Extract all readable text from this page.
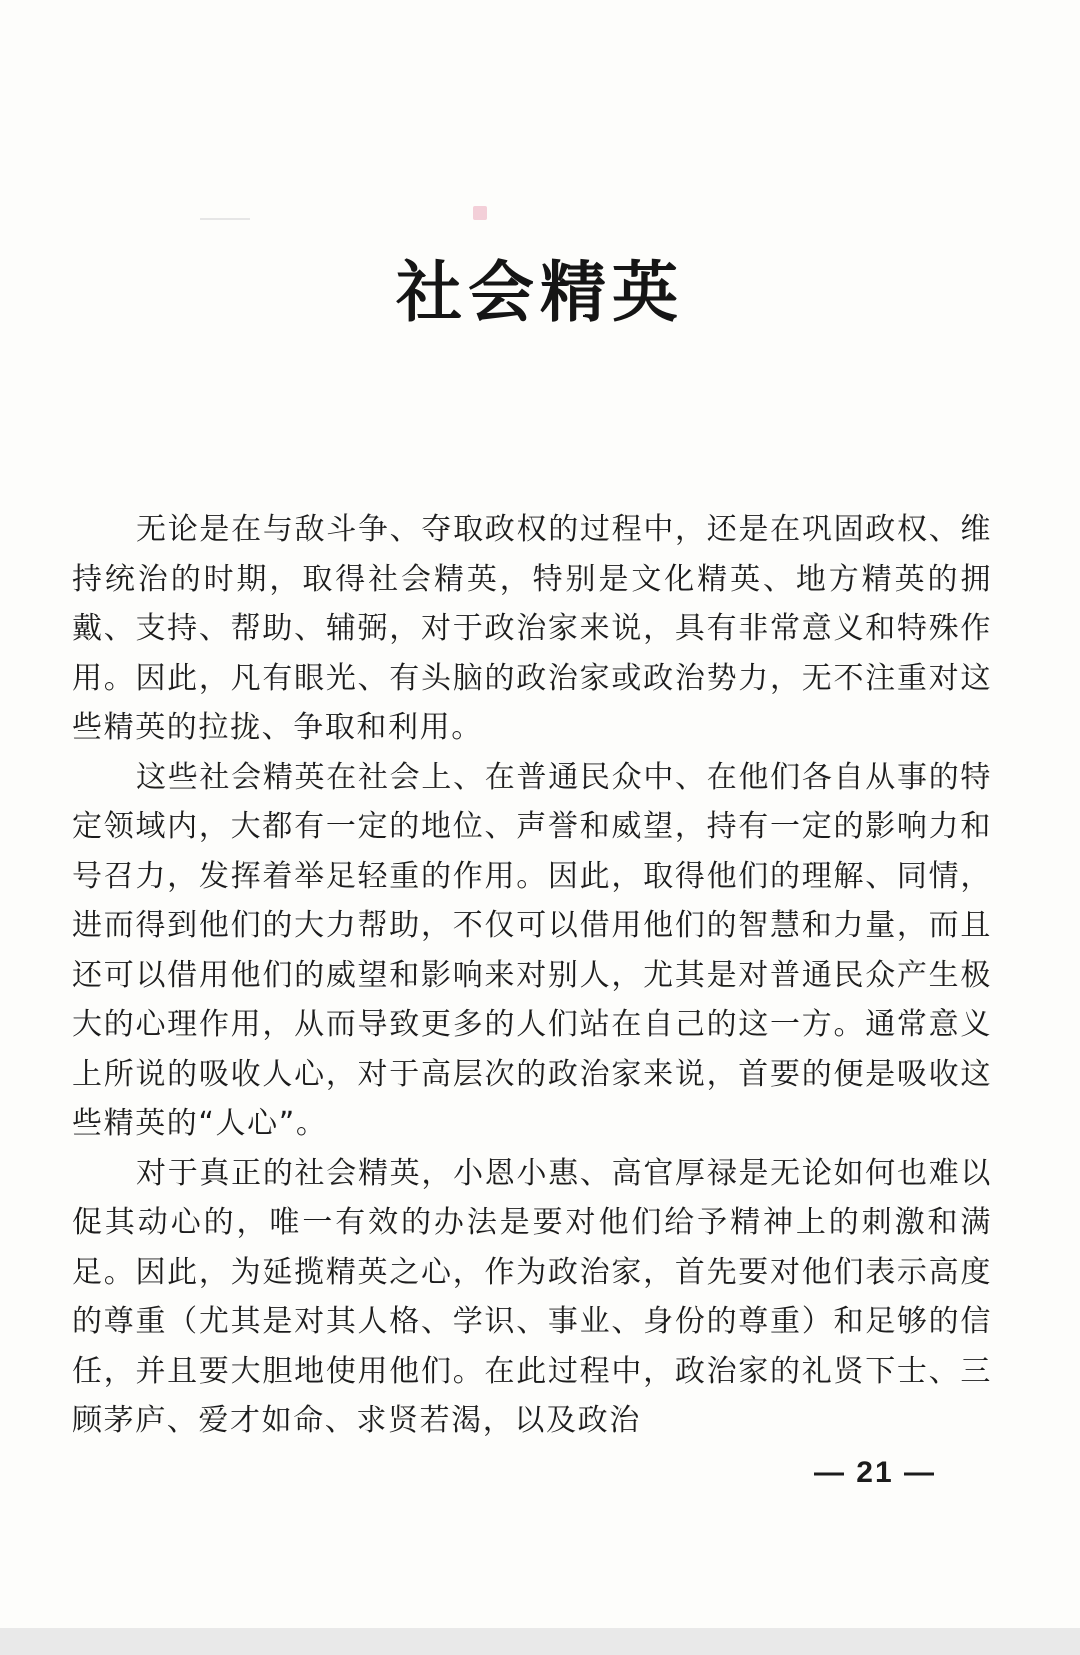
社会精英

无论是在与敌斗争、夺取政权的过程中，还是在巩固政权、维持统治的时期，取得社会精英，特别是文化精英、地方精英的拥戴、支持、帮助、辅弼，对于政治家来说，具有非常意义和特殊作用。因此，凡有眼光、有头脑的政治家或政治势力，无不注重对这些精英的拉拢、争取和利用。

这些社会精英在社会上、在普通民众中、在他们各自从事的特定领域内，大都有一定的地位、声誉和威望，持有一定的影响力和号召力，发挥着举足轻重的作用。因此，取得他们的理解、同情，进而得到他们的大力帮助，不仅可以借用他们的智慧和力量，而且还可以借用他们的威望和影响来对别人，尤其是对普通民众产生极大的心理作用，从而导致更多的人们站在自己的这一方。通常意义上所说的吸收人心，对于高层次的政治家来说，首要的便是吸收这些精英的“人心”。

对于真正的社会精英，小恩小惠、高官厚禄是无论如何也难以促其动心的，唯一有效的办法是要对他们给予精神上的刺激和满足。因此，为延揽精英之心，作为政治家，首先要对他们表示高度的尊重（尤其是对其人格、学识、事业、身份的尊重）和足够的信任，并且要大胆地使用他们。在此过程中，政治家的礼贤下士、三顾茅庐、爱才如命、求贤若渴，以及政治

— 21 —
